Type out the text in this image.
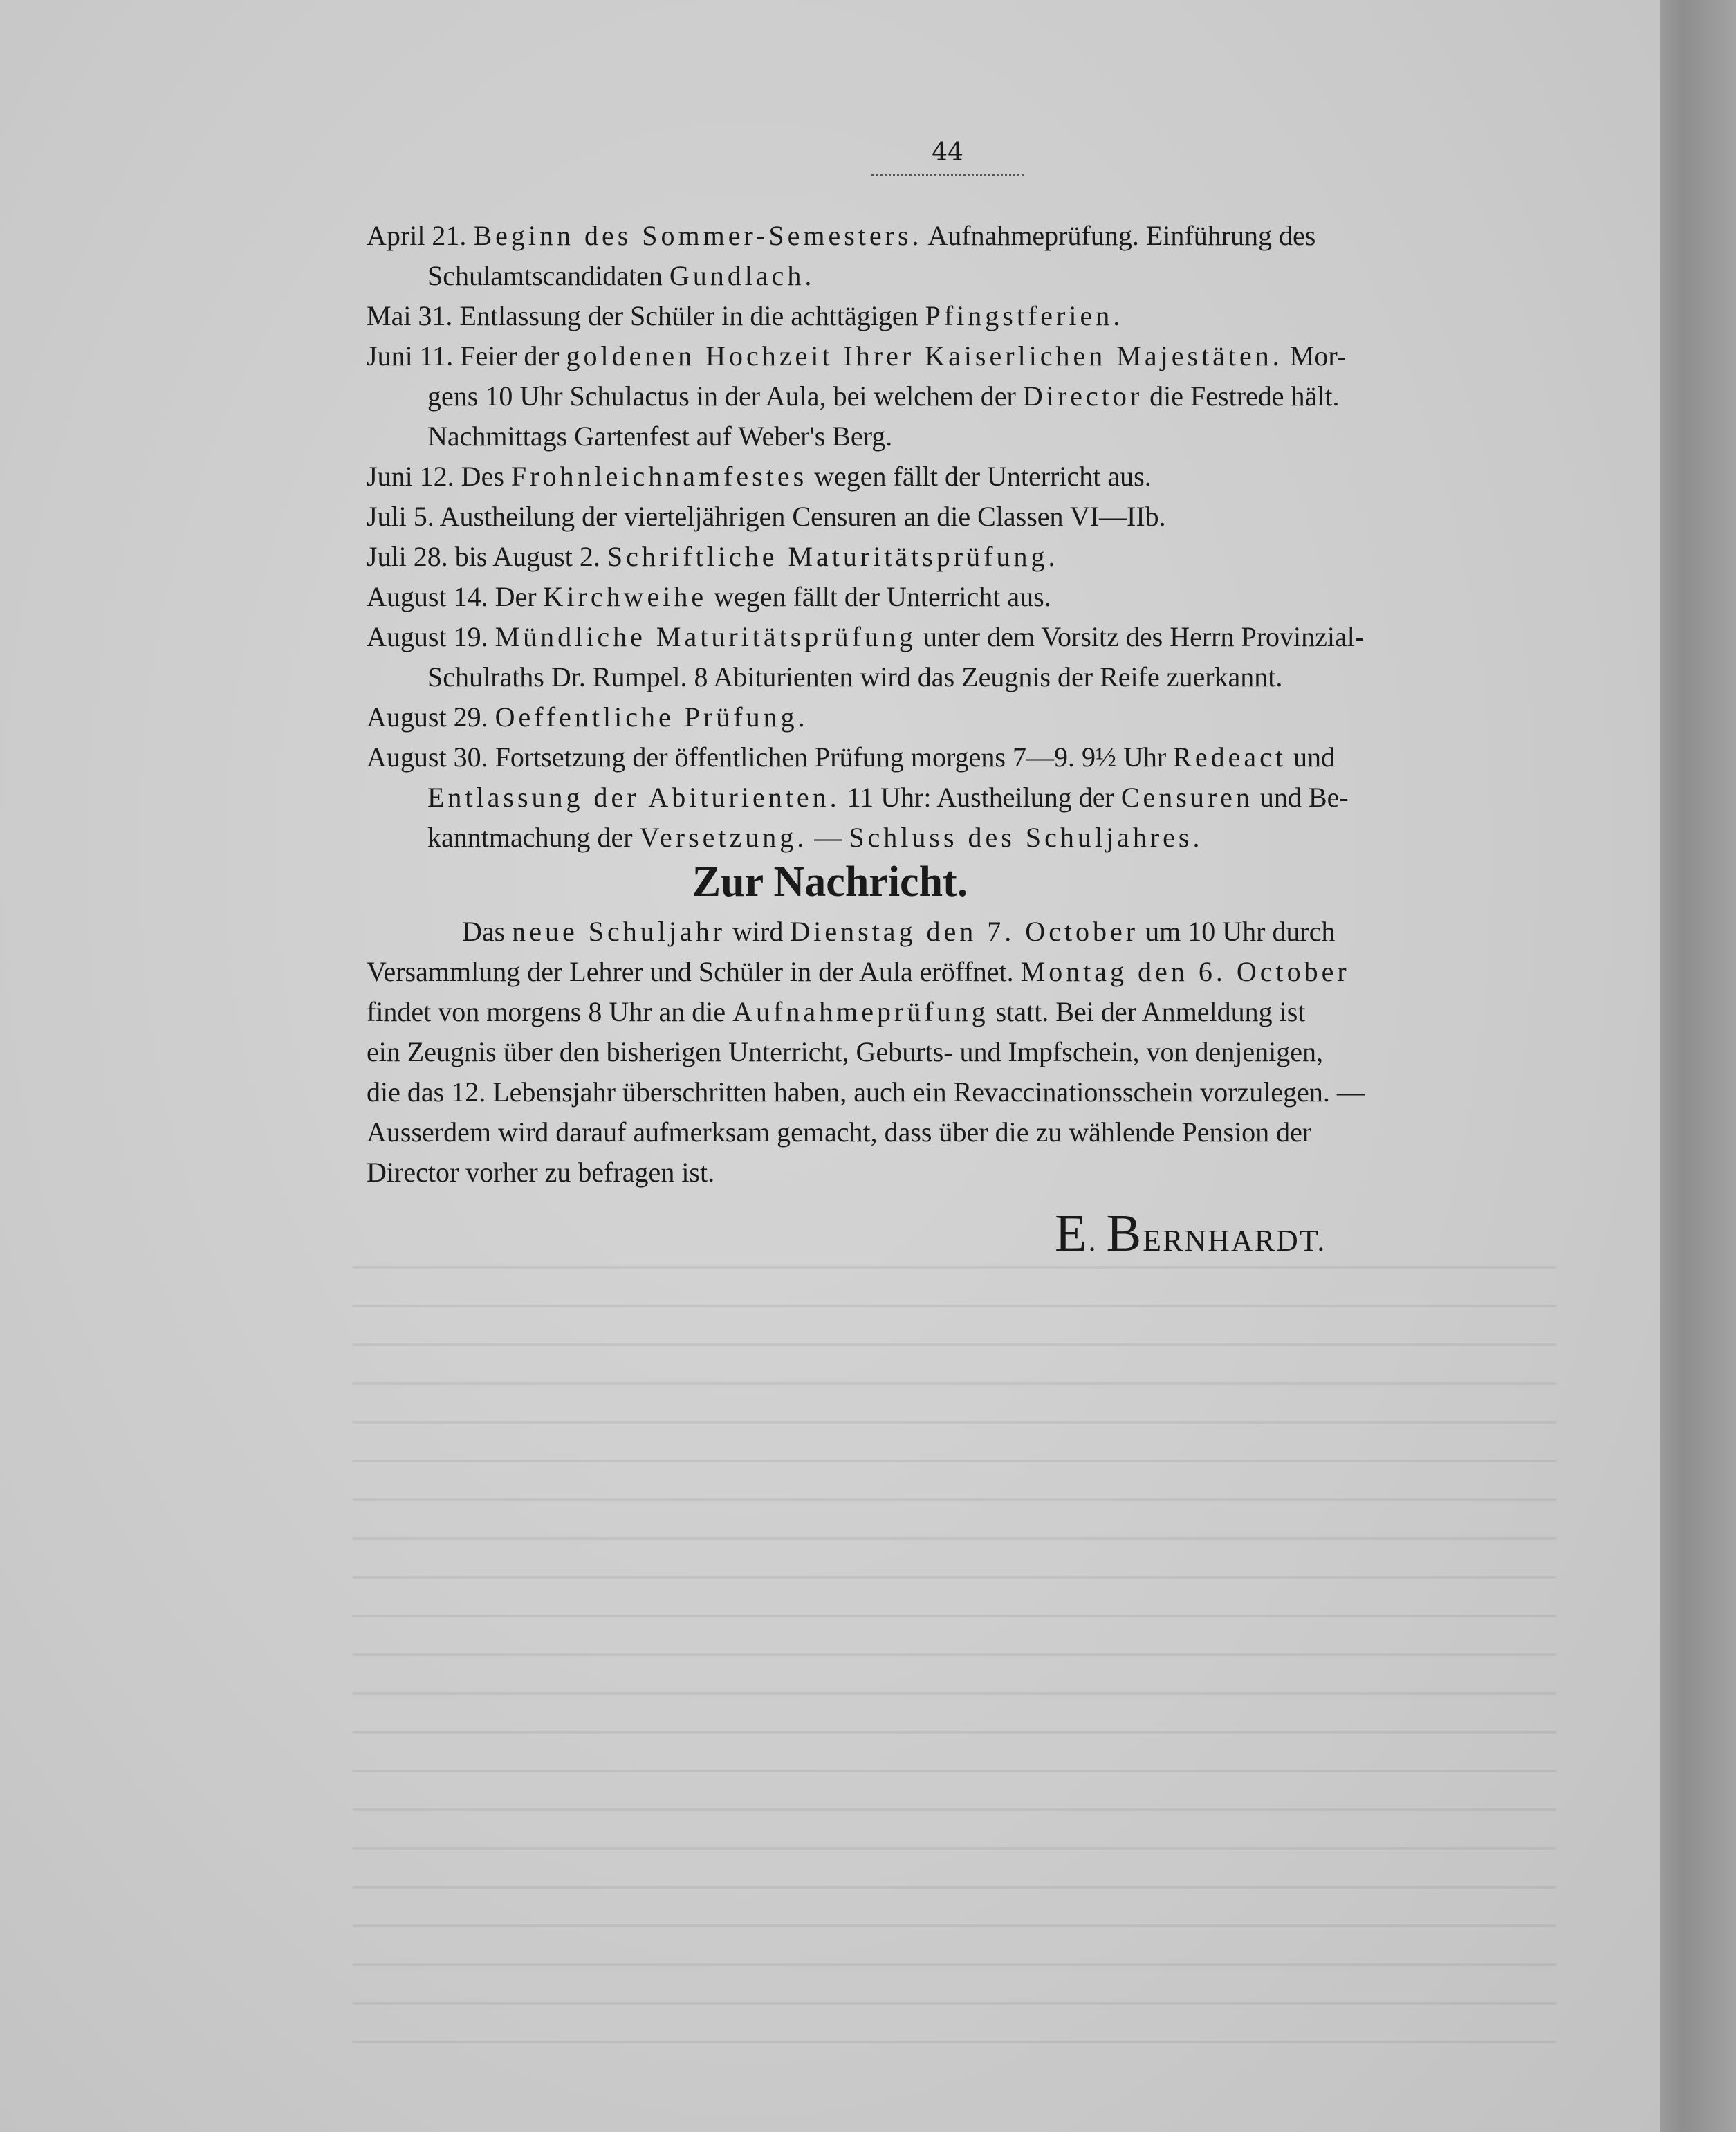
44
April 21. Beginn des Sommer-Semesters. Aufnahmeprüfung. Einführung des
Schulamtscandidaten Gundlach.
Mai 31. Entlassung der Schüler in die achttägigen Pfingstferien.
Juni 11. Feier der goldenen Hochzeit Ihrer Kaiserlichen Majestäten. Mor-
gens 10 Uhr Schulactus in der Aula, bei welchem der Director die Festrede hält.
Nachmittags Gartenfest auf Weber's Berg.
Juni 12. Des Frohnleichnamfestes wegen fällt der Unterricht aus.
Juli 5. Austheilung der vierteljährigen Censuren an die Classen VI—IIb.
Juli 28. bis August 2. Schriftliche Maturitätsprüfung.
August 14. Der Kirchweihe wegen fällt der Unterricht aus.
August 19. Mündliche Maturitätsprüfung unter dem Vorsitz des Herrn Provinzial-
Schulraths Dr. Rumpel. 8 Abiturienten wird das Zeugnis der Reife zuerkannt.
August 29. Oeffentliche Prüfung.
August 30. Fortsetzung der öffentlichen Prüfung morgens 7—9. 9½ Uhr Redeact und
Entlassung der Abiturienten. 11 Uhr: Austheilung der Censuren und Be-
kanntmachung der Versetzung. — Schluss des Schuljahres.
Zur Nachricht.
Das neue Schuljahr wird Dienstag den 7. October um 10 Uhr durch
Versammlung der Lehrer und Schüler in der Aula eröffnet. Montag den 6. October
findet von morgens 8 Uhr an die Aufnahmeprüfung statt. Bei der Anmeldung ist
ein Zeugnis über den bisherigen Unterricht, Geburts- und Impfschein, von denjenigen,
die das 12. Lebensjahr überschritten haben, auch ein Revaccinationsschein vorzulegen. —
Ausserdem wird darauf aufmerksam gemacht, dass über die zu wählende Pension der
Director vorher zu befragen ist.
E. BERNHARDT.
